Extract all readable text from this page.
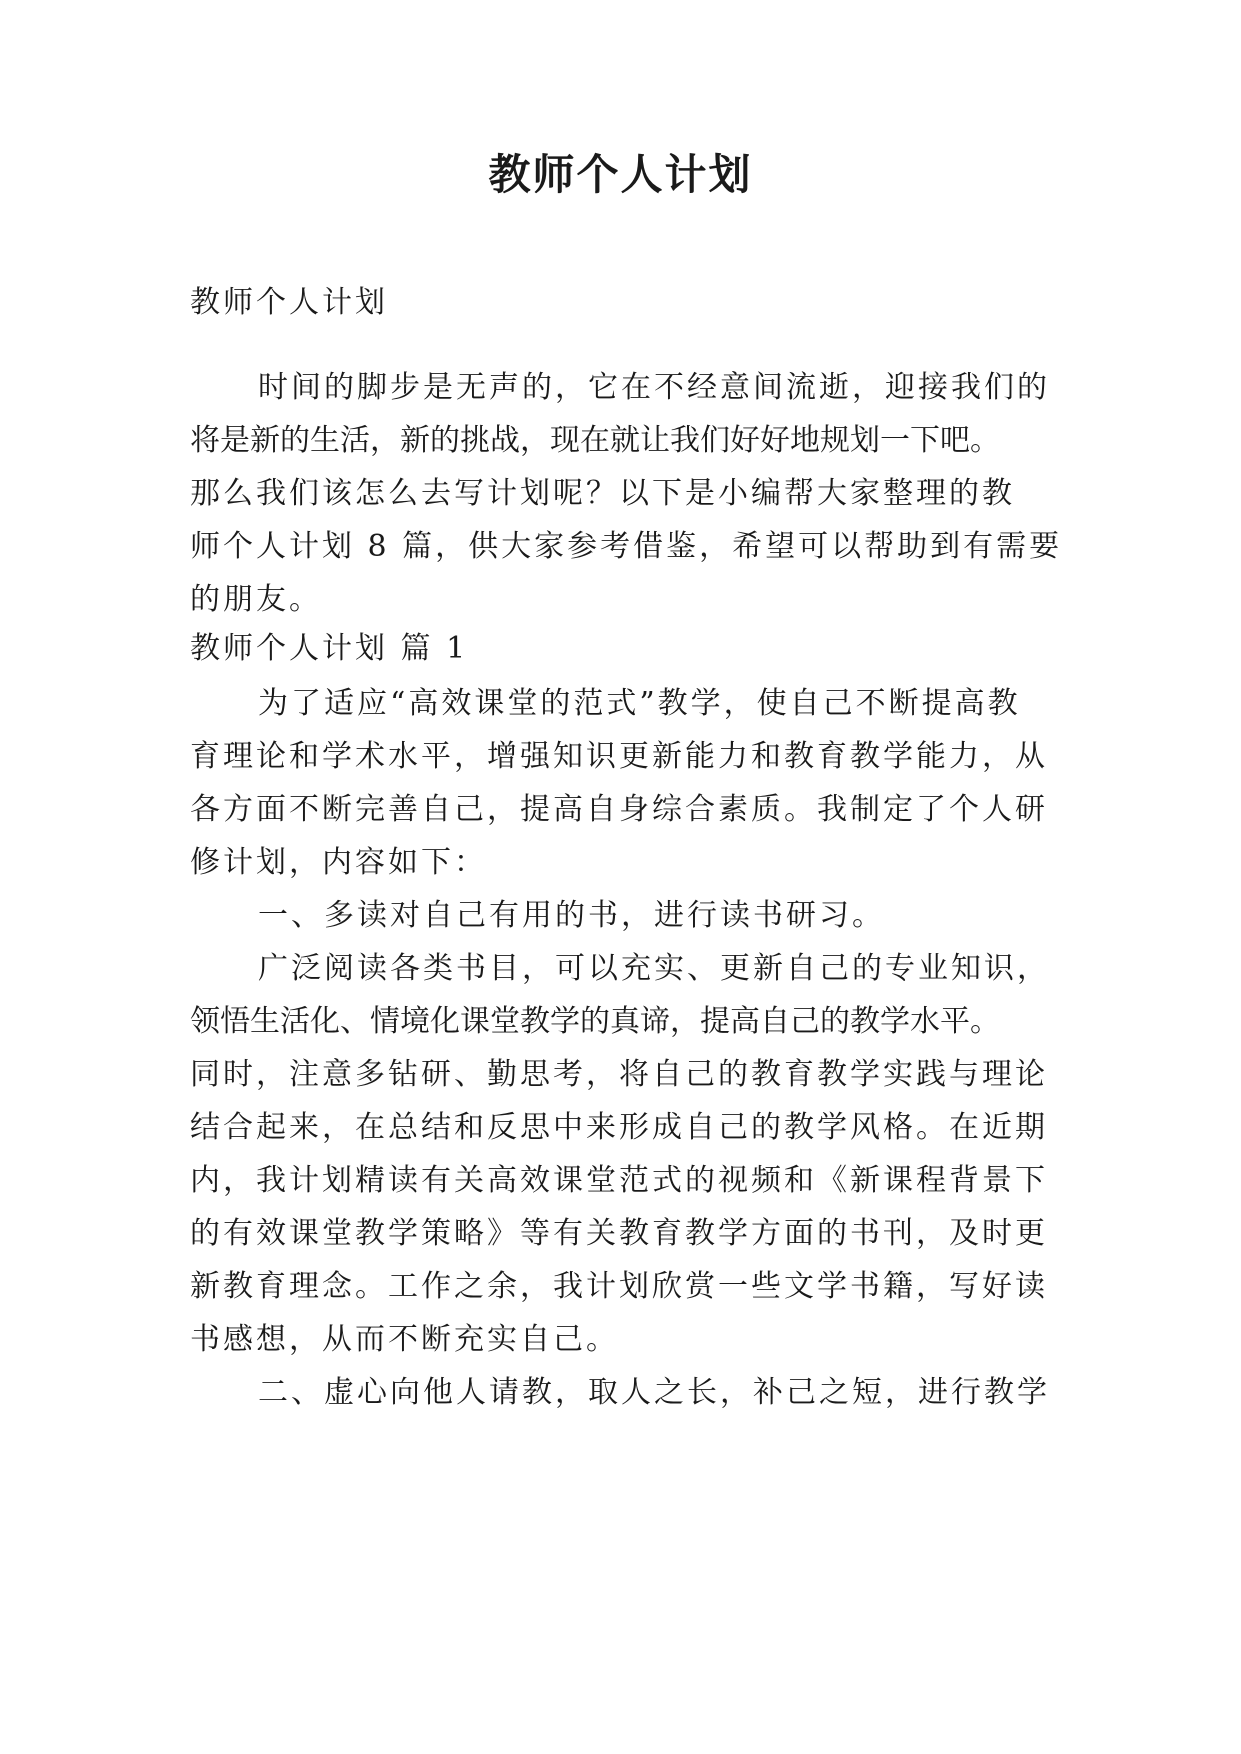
教师个人计划
教师个人计划
时间的脚步是无声的，它在不经意间流逝，迎接我们的
将是新的生活，新的挑战，现在就让我们好好地规划一下吧。
那么我们该怎么去写计划呢？以下是小编帮大家整理的教
师个人计划 8 篇，供大家参考借鉴，希望可以帮助到有需要
的朋友。
教师个人计划 篇 1
为了适应“高效课堂的范式”教学，使自己不断提高教
育理论和学术水平，增强知识更新能力和教育教学能力，从
各方面不断完善自己，提高自身综合素质。我制定了个人研
修计划，内容如下：
一、多读对自己有用的书，进行读书研习。
广泛阅读各类书目，可以充实、更新自己的专业知识，
领悟生活化、情境化课堂教学的真谛，提高自己的教学水平。
同时，注意多钻研、勤思考，将自己的教育教学实践与理论
结合起来，在总结和反思中来形成自己的教学风格。在近期
内，我计划精读有关高效课堂范式的视频和《新课程背景下
的有效课堂教学策略》等有关教育教学方面的书刊，及时更
新教育理念。工作之余，我计划欣赏一些文学书籍，写好读
书感想，从而不断充实自己。
二、虚心向他人请教，取人之长，补己之短，进行教学
